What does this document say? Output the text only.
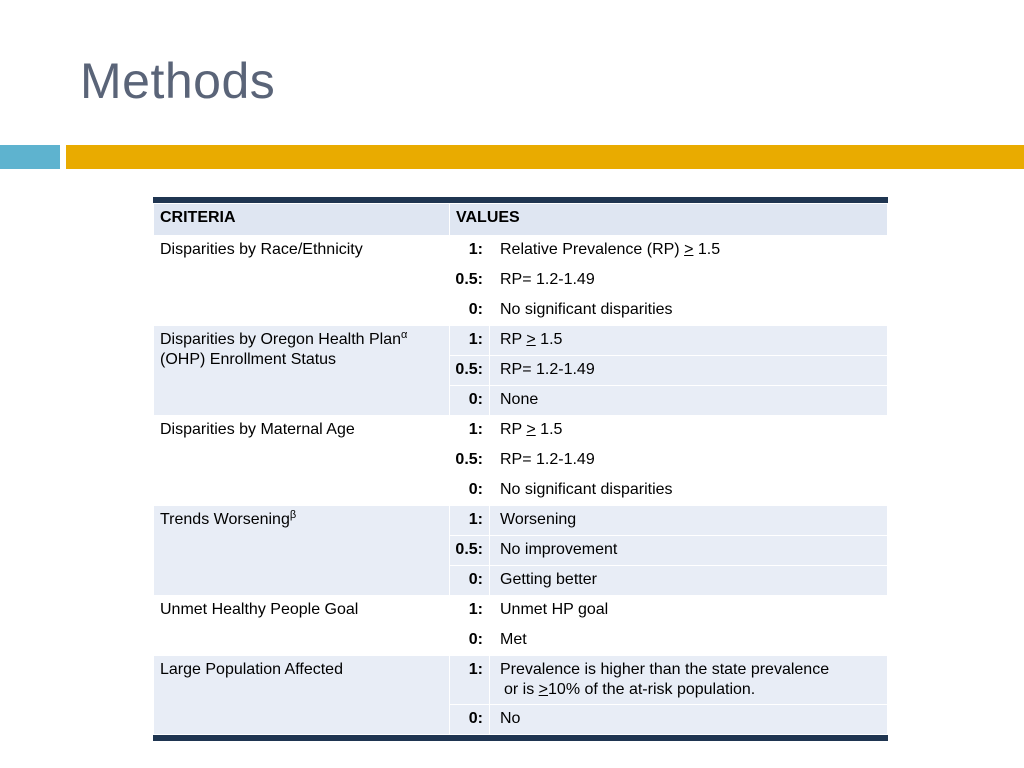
Methods
CRITERIA	VALUES	
Disparities by Race/Ethnicity	1:	Relative Prevalence (RP) > 1.5
	0.5:	RP= 1.2-1.49
	0:	No significant disparities
Disparities by Oregon Health Plan$^\alpha$
(OHP) Enrollment Status	1:	RP > 1.5
	0.5:	RP= 1.2-1.49
	0:	None
Disparities by Maternal Age	1:	RP > 1.5
	0.5:	RP= 1.2-1.49
	0:	No significant disparities
Trends Worsening$^\beta$	1:	Worsening
	0.5:	No improvement
	0:	Getting better
Unmet Healthy People Goal	1:	Unmet HP goal
	0:	Met
Large Population Affected	1:	Prevalence is higher than the state prevalence
or is >10% of the at-risk population.
	0:	No
